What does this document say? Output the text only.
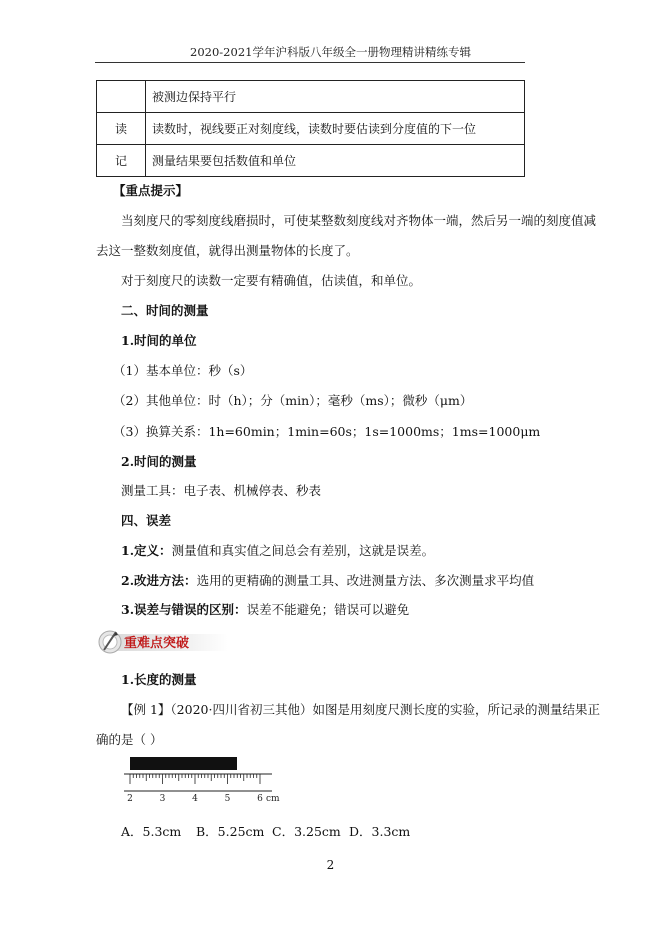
2020-2021学年沪科版八年级全一册物理精讲精练专辑
	被测边保持平行
读	读数时，视线要正对刻度线，读数时要估读到分度值的下一位
记	测量结果要包括数值和单位
【重点提示】
当刻度尺的零刻度线磨损时，可使某整数刻度线对齐物体一端，然后另一端的刻度值减
去这一整数刻度值，就得出测量物体的长度了。
对于刻度尺的读数一定要有精确值，估读值，和单位。
二、时间的测量
1.时间的单位
（1）基本单位：秒（s）
（2）其他单位：时（h）；分（min）；毫秒（ms）；微秒（μm）
（3）换算关系：1h=60min；1min=60s；1s=1000ms；1ms=1000μm
2.时间的测量
测量工具：电子表、机械停表、秒表
四、误差
1.定义：测量值和真实值之间总会有差别，这就是误差。
2.改进方法：选用的更精确的测量工具、改进测量方法、多次测量求平均值
3.误差与错误的区别：误差不能避免；错误可以避免
重难点突破
1.长度的测量
【例 1】（2020·四川省初三其他）如图是用刻度尺测长度的实验，所记录的测量结果正
确的是（ ）
2	3	4	5	6 cm
A．5.3cm B．5.25cm C．3.25cm D．3.3cm
2
